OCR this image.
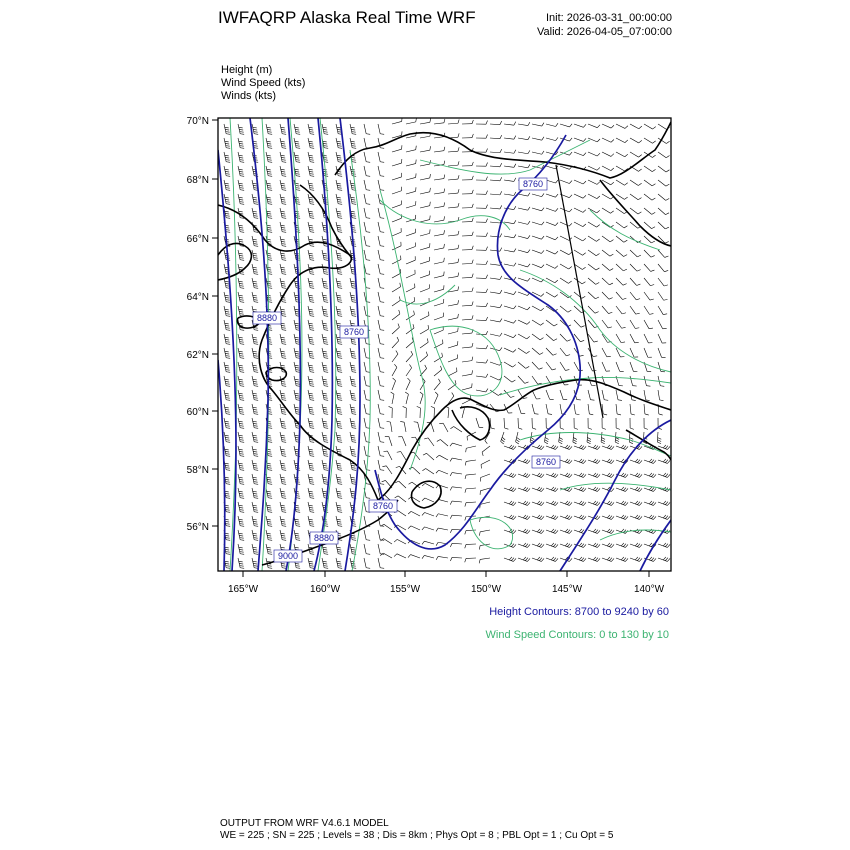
IWFAQRP Alaska Real Time WRF	Init: 2026-03-31_00:00:00
Valid: 2026-04-05_07:00:00
Height (m)
Wind Speed (kts)
Winds (kts)
8760
8880
8760
8760
8760
8880
9000
70°N
68°N
66°N
64°N
62°N
60°N
58°N
56°N
165°W	160°W	155°W	150°W	145°W	140°W
Height Contours: 8700 to 9240 by 60
Wind Speed Contours: 0 to 130 by 10
OUTPUT FROM WRF V4.6.1 MODEL
WE = 225 ; SN = 225 ; Levels = 38 ; Dis = 8km ; Phys Opt = 8 ; PBL Opt = 1 ; Cu Opt = 5
